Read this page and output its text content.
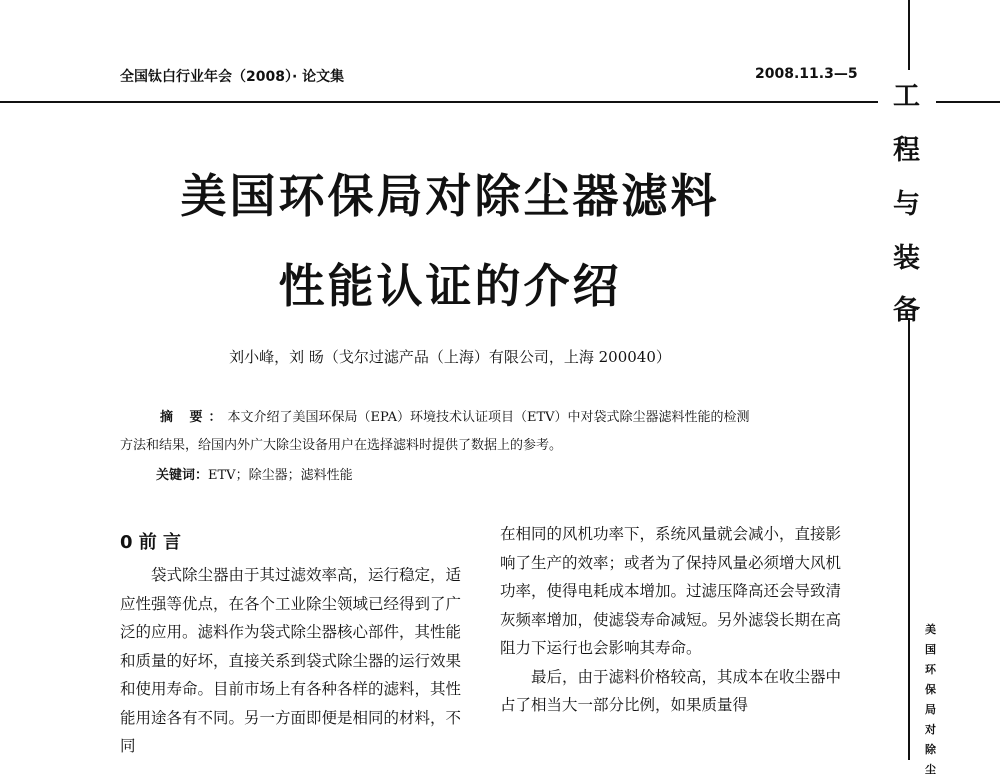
全国钛白行业年会（2008）· 论文集	2008.11.3—5
工
程
与
装
备
美国环保局对除尘
美国环保局对除尘器滤料
性能认证的介绍
刘小峰，刘 旸（戈尔过滤产品（上海）有限公司，上海 200040）
摘 要：本文介绍了美国环保局（EPA）环境技术认证项目（ETV）中对袋式除尘器滤料性能的检测
方法和结果，给国内外广大除尘设备用户在选择滤料时提供了数据上的参考。
关键词：ETV；除尘器；滤料性能
0 前 言

袋式除尘器由于其过滤效率高，运行稳定，适应性强等优点，在各个工业除尘领域已经得到了广泛的应用。滤料作为袋式除尘器核心部件，其性能和质量的好坏，直接关系到袋式除尘器的运行效果和使用寿命。目前市场上有各种各样的滤料，其性能用途各有不同。另一方面即便是相同的材料，不同

在相同的风机功率下，系统风量就会减小，直接影响了生产的效率；或者为了保持风量必须增大风机功率，使得电耗成本增加。过滤压降高还会导致清灰频率增加，使滤袋寿命减短。另外滤袋长期在高阻力下运行也会影响其寿命。

最后，由于滤料价格较高，其成本在收尘器中占了相当大一部分比例，如果质量得
